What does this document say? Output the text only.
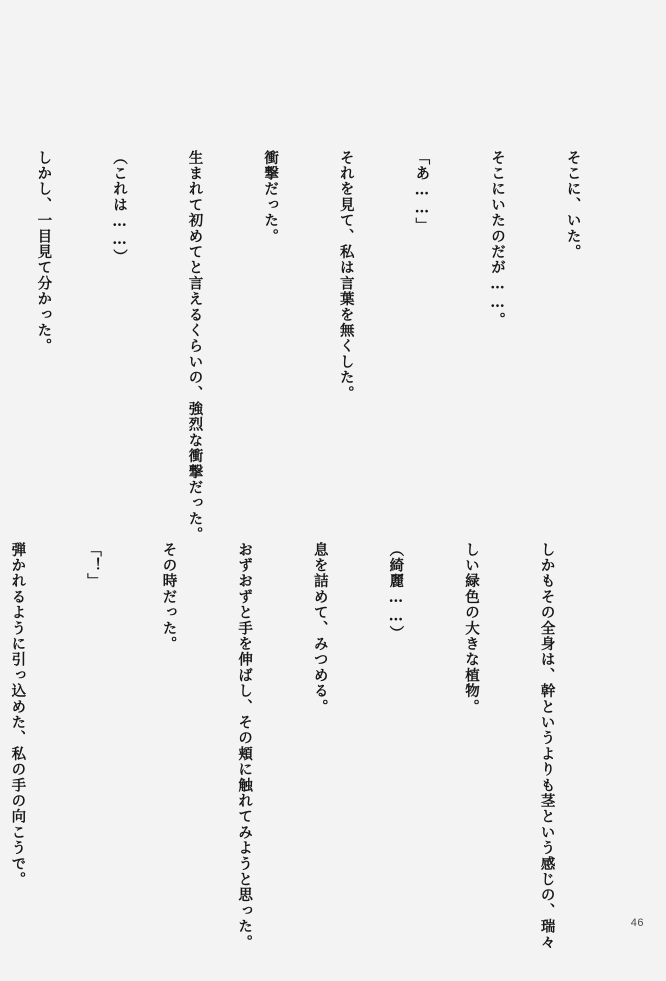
そこに、いた。

そこにいたのだが……。

「あ……」

それを見て、私は言葉を無くした。

衝撃だった。

生まれて初めてと言えるくらいの、強烈な衝撃だった。

（これは……）

しかし、一目見て分かった。

しかもその全身は、幹というよりも茎という感じの、瑞々

しい緑色の大きな植物。

（綺麗……）

息を詰めて、みつめる。

おずおずと手を伸ばし、その頬に触れてみようと思った。

その時だった。

「！」

弾かれるように引っ込めた、私の手の向こうで。

46
